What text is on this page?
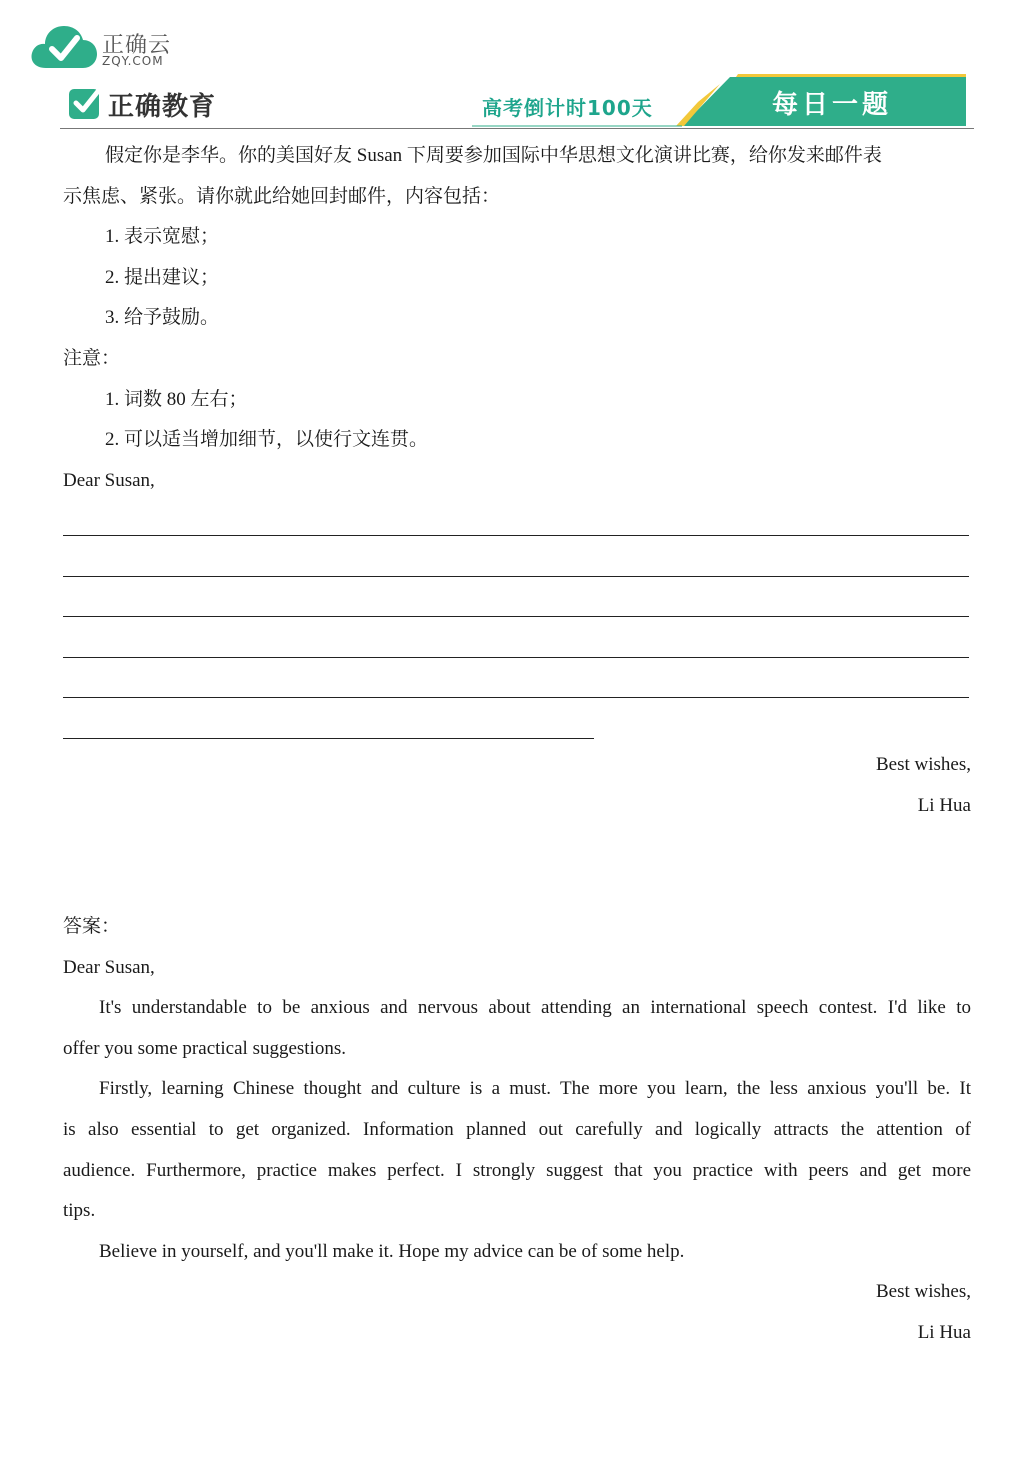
正确云
ZQY.COM
正确教育	高考倒计时100天	每日一题
假定你是李华。你的美国好友 Susan 下周要参加国际中华思想文化演讲比赛，给你发来邮件表
示焦虑、紧张。请你就此给她回封邮件，内容包括：
1. 表示宽慰；
2. 提出建议；
3. 给予鼓励。
注意：
1. 词数 80 左右；
2. 可以适当增加细节，以使行文连贯。
Dear Susan,
Best wishes,
Li Hua
答案：
Dear Susan,
It's understandable to be anxious and nervous about attending an international speech contest. I'd like to
offer you some practical suggestions.
Firstly, learning Chinese thought and culture is a must. The more you learn, the less anxious you'll be. It
is also essential to get organized. Information planned out carefully and logically attracts the attention of
audience. Furthermore, practice makes perfect. I strongly suggest that you practice with peers and get more
tips.
Believe in yourself, and you'll make it. Hope my advice can be of some help.
Best wishes,
Li Hua
